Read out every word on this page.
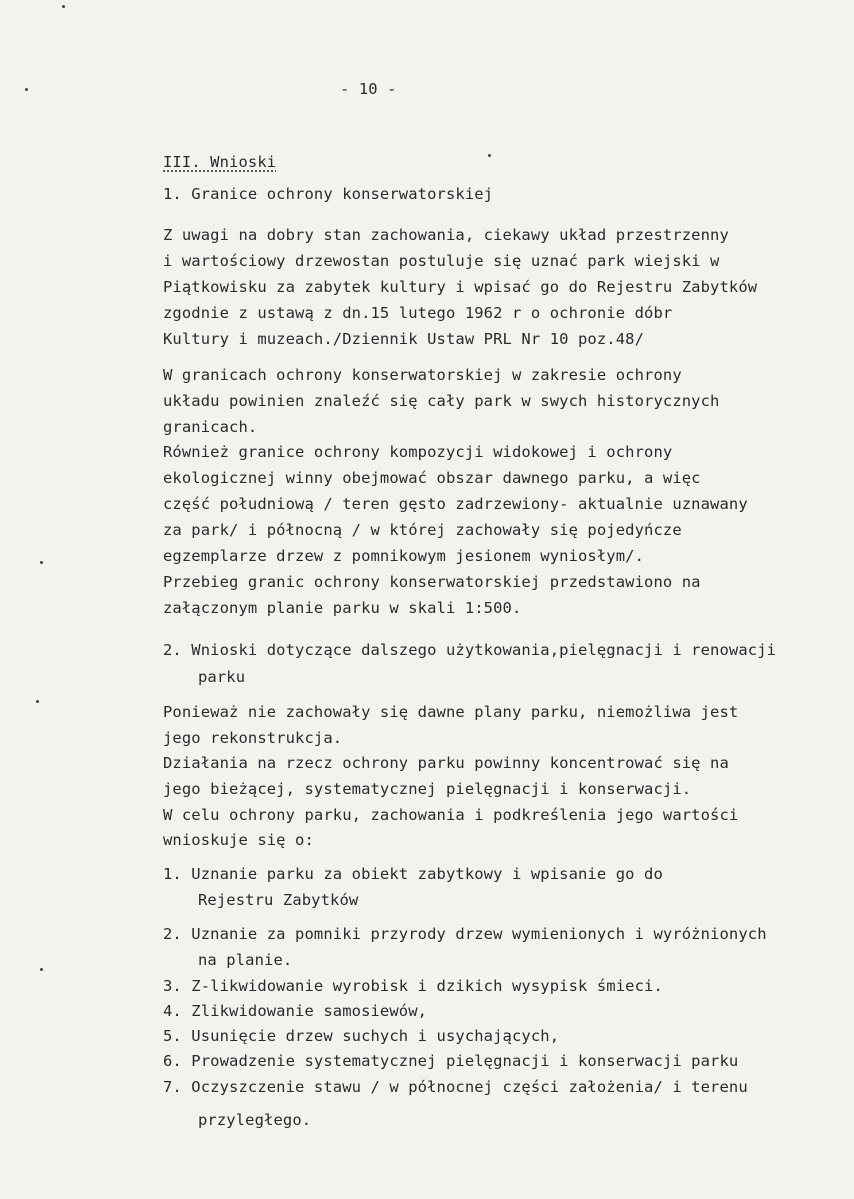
- 10 -
III. Wnioski
1. Granice ochrony konserwatorskiej
Z uwagi na dobry stan zachowania, ciekawy układ przestrzenny
i wartościowy drzewostan postuluje się uznać park wiejski w
Piątkowisku za zabytek kultury i wpisać go do Rejestru Zabytków
zgodnie z ustawą z dn.15 lutego 1962 r o ochronie dóbr
Kultury i muzeach./Dziennik Ustaw PRL Nr 10 poz.48/
W granicach ochrony konserwatorskiej w zakresie ochrony
układu powinien znaleźć się cały park w swych historycznych
granicach.
Również granice ochrony kompozycji widokowej i ochrony
ekologicznej winny obejmować obszar dawnego parku, a więc
część południową / teren gęsto zadrzewiony- aktualnie uznawany
za park/ i północną / w której zachowały się pojedyńcze
egzemplarze drzew z pomnikowym jesionem wyniosłym/.
Przebieg granic ochrony konserwatorskiej przedstawiono na
załączonym planie parku w skali 1:500.
2. Wnioski dotyczące dalszego użytkowania,pielęgnacji i renowacji
parku
Ponieważ nie zachowały się dawne plany parku, niemożliwa jest
jego rekonstrukcja.
Działania na rzecz ochrony parku powinny koncentrować się na
jego bieżącej, systematycznej pielęgnacji i konserwacji.
W celu ochrony parku, zachowania i podkreślenia jego wartości
wnioskuje się o:
1. Uznanie parku za obiekt zabytkowy i wpisanie go do
Rejestru Zabytków
2. Uznanie za pomniki przyrody drzew wymienionych i wyróżnionych
na planie.
3. Z-likwidowanie wyrobisk i dzikich wysypisk śmieci.
4. Zlikwidowanie samosiewów,
5. Usunięcie drzew suchych i usychających,
6. Prowadzenie systematycznej pielęgnacji i konserwacji parku
7. Oczyszczenie stawu / w północnej części założenia/ i terenu
przyległego.
